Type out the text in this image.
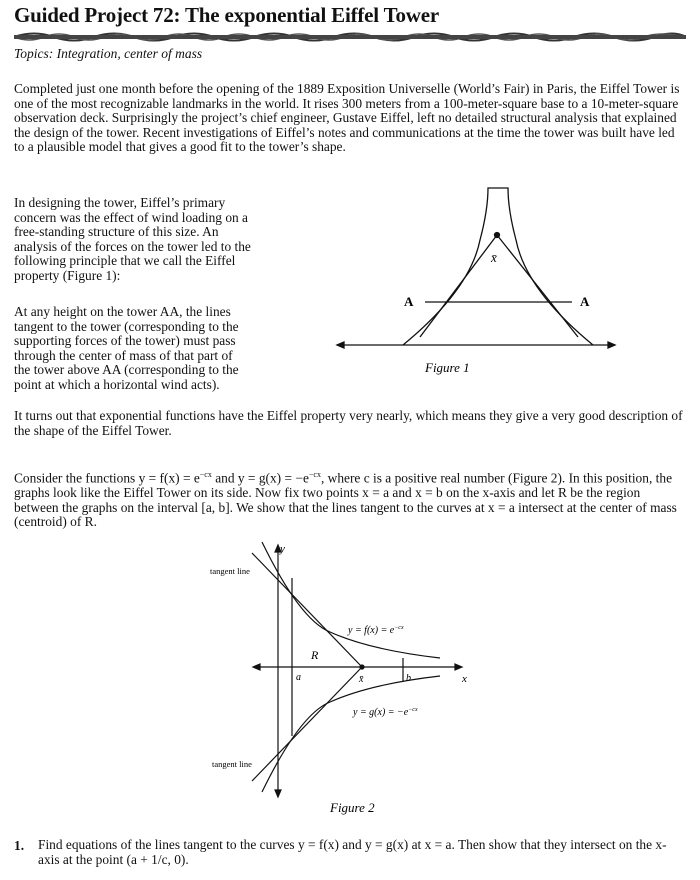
Guided Project 72: The exponential Eiffel Tower
Topics: Integration, center of mass

Completed just one month before the opening of the 1889 Exposition Universelle (World’s Fair) in Paris, the Eiffel Tower is one of the most recognizable landmarks in the world. It rises 300 meters from a 100-meter-square base to a 10-meter-square observation deck. Surprisingly the project’s chief engineer, Gustave Eiffel, left no detailed structural analysis that explained the design of the tower. Recent investigations of Eiffel’s notes and communications at the time the tower was built have led to a plausible model that gives a good fit to the tower’s shape.

In designing the tower, Eiffel’s primary concern was the effect of wind loading on a free-standing structure of this size. An analysis of the forces on the tower led to the following principle that we call the Eiffel property (Figure 1):

At any height on the tower AA, the lines tangent to the tower (corresponding to the supporting forces of the tower) must pass through the center of mass of that part of the tower above AA (corresponding to the point at which a horizontal wind acts).

It turns out that exponential functions have the Eiffel property very nearly, which means they give a very good description of the shape of the Eiffel Tower.

Consider the functions $y = f(x) = e^{-cx}$ and $y = g(x) = -e^{-cx}$, where c is a positive real number (Figure 2). In this position, the graphs look like the Eiffel Tower on its side. Now fix two points x = a and x = b on the x-axis and let R be the region between the graphs on the interval [a, b]. We show that the lines tangent to the curves at x = a intersect at the center of mass (centroid) of R.

x̄
A	A
Figure 1
y
x
tangent line
tangent line
$y = f(x) = e^{-cx}$
$y = g(x) = -e^{-cx}$
R
a	x̄	b
Figure 2
1.	Find equations of the lines tangent to the curves y = f(x) and y = g(x) at x = a. Then show that they intersect on the x-axis at the point (a + 1/c, 0).
